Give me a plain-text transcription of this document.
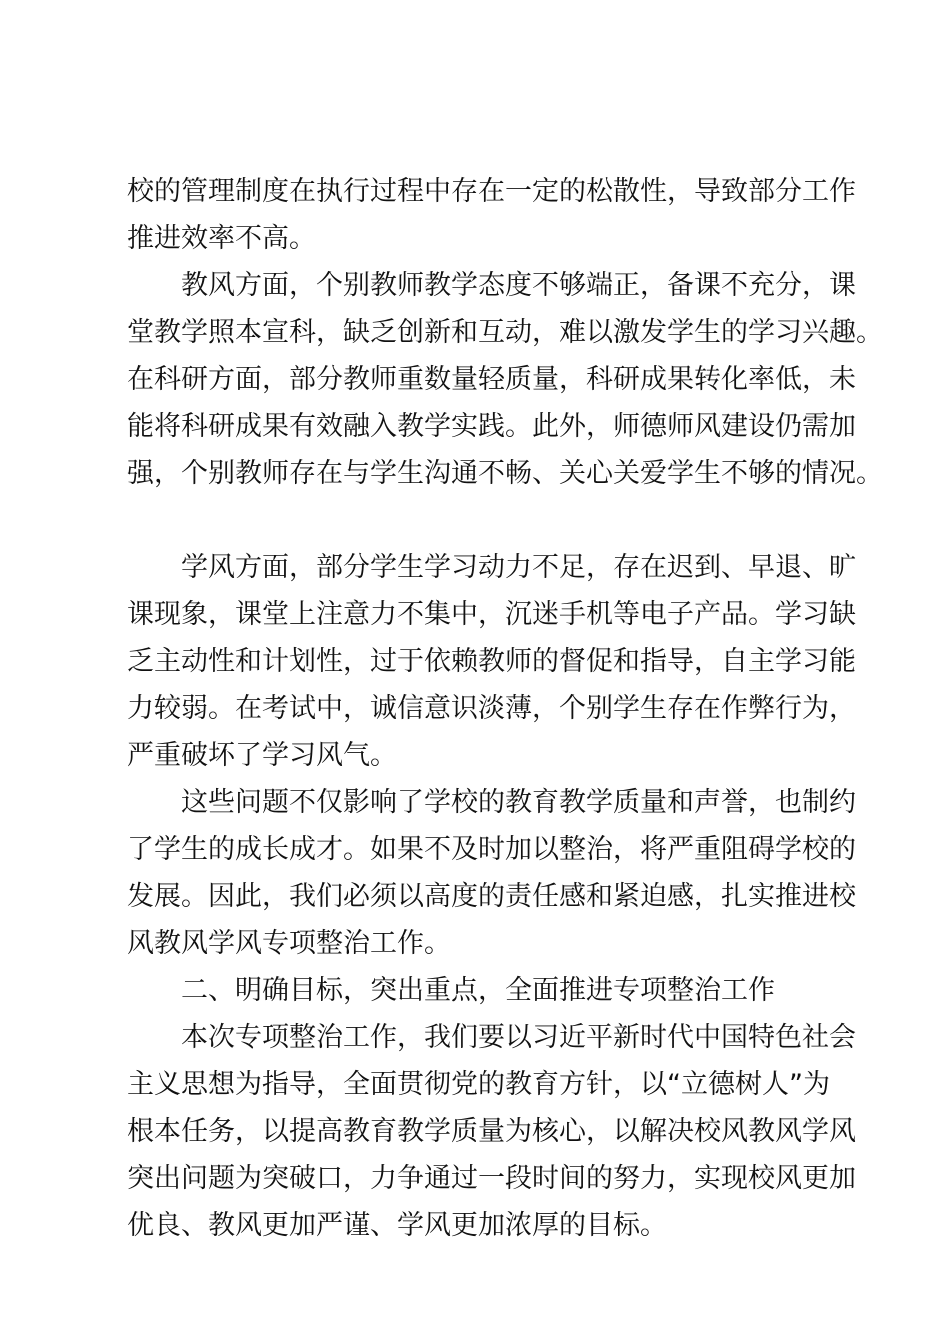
校的管理制度在执行过程中存在一定的松散性，导致部分工作
推进效率不高。
教风方面，个别教师教学态度不够端正，备课不充分，课
堂教学照本宣科，缺乏创新和互动，难以激发学生的学习兴趣。
在科研方面，部分教师重数量轻质量，科研成果转化率低，未
能将科研成果有效融入教学实践。此外，师德师风建设仍需加
强，个别教师存在与学生沟通不畅、关心关爱学生不够的情况。
学风方面，部分学生学习动力不足，存在迟到、早退、旷
课现象，课堂上注意力不集中，沉迷手机等电子产品。学习缺
乏主动性和计划性，过于依赖教师的督促和指导，自主学习能
力较弱。在考试中，诚信意识淡薄，个别学生存在作弊行为，
严重破坏了学习风气。
这些问题不仅影响了学校的教育教学质量和声誉，也制约
了学生的成长成才。如果不及时加以整治，将严重阻碍学校的
发展。因此，我们必须以高度的责任感和紧迫感，扎实推进校
风教风学风专项整治工作。
二、明确目标，突出重点，全面推进专项整治工作
本次专项整治工作，我们要以习近平新时代中国特色社会
主义思想为指导，全面贯彻党的教育方针，以“立德树人”为
根本任务，以提高教育教学质量为核心，以解决校风教风学风
突出问题为突破口，力争通过一段时间的努力，实现校风更加
优良、教风更加严谨、学风更加浓厚的目标。
